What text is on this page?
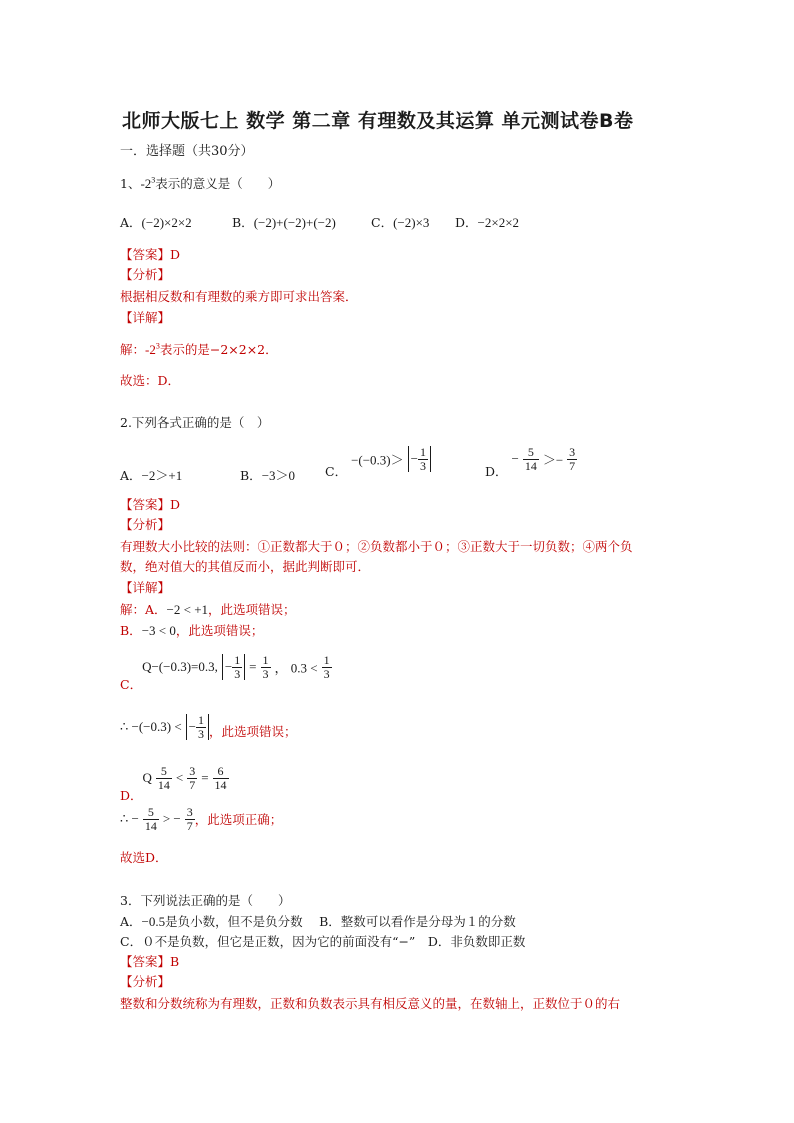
北师大版七上 数学 第二章 有理数及其运算 单元测试卷B卷
一．选择题（共30分）
1、$-2^3$表示的意义是（　　）
A．(−2)×2×2	B．(−2)+(−2)+(−2)	C．(−2)×3 D．−2×2×2
【答案】D
【分析】
根据相反数和有理数的乘方即可求出答案．
【详解】
解：$-2^3$表示的是−2×2×2．
故选：D．
2.下列各式正确的是（　）
A．−2＞+1	B．−3＞0 C． $-(-0.3)> - \frac{1}{3}$	D． − $\frac{5}{14} >- \frac{3}{7}$
【答案】D
【分析】
有理数大小比较的法则：①正数都大于０；②负数都小于０；③正数大于一切负数；④两个负
数，绝对值大的其值反而小，据此判断即可．
【详解】
解：A．−2 < +1，此选项错误；
B．−3 < 0，此选项错误；
C． Q−(−0.3)=0.3, − $\frac{1}{3} = \frac{1}{3}$ ， $0.3 < \frac{1}{3}$
∴ −(−0.3) < − $\frac{1}{3}$ ，此选项错误；
D． Q $\frac{5}{14} < \frac{3}{7} = \frac{6}{14}$
∴ − $\frac{5}{14}$ > − $\frac{3}{7}$ ，此选项正确；
故选D．
3．下列说法正确的是（　　）
A．−0.5是负小数，但不是负分数　 B．整数可以看作是分母为１的分数
C．０不是负数，但它是正数，因为它的前面没有“−”　D．非负数即正数
【答案】B
【分析】
整数和分数统称为有理数，正数和负数表示具有相反意义的量，在数轴上，正数位于０的右
